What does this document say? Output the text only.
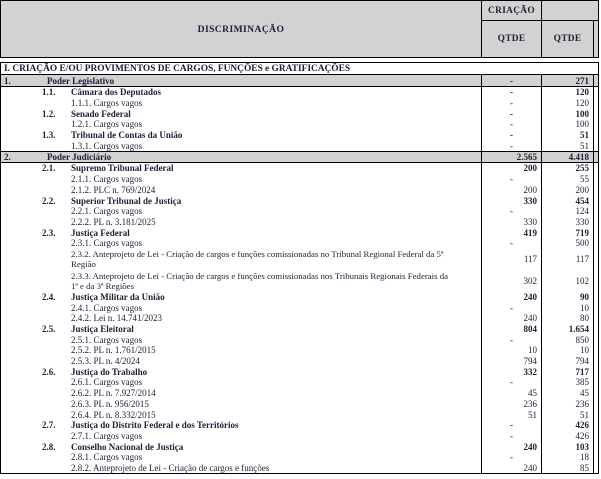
DISCRIMINAÇÃO
CRIAÇÃO
QTDE	QTDE
I. CRIAÇÃO E/OU PROVIMENTOS DE CARGOS, FUNÇÕES e GRATIFICAÇÕES
1.	Poder Legislativo	-	271
1.1.	Câmara dos Deputados	-	120
1.1.1. Cargos vagos	-	120
1.2.	Senado Federal	-	100
1.2.1. Cargos vagos	-	100
1.3.	Tribunal de Contas da União	-	51
1.3.1. Cargos vagos	-	51
2.	Poder Judiciário	2.565	4.418
2.1.	Supremo Tribunal Federal	200	255
2.1.1. Cargos vagos	-	55
2.1.2. PLC n. 769/2024	200	200
2.2.	Superior Tribunal de Justiça	330	454
2.2.1. Cargos vagos	-	124
2.2.2. PL n. 3.181/2025	330	330
2.3.	Justiça Federal	419	719
2.3.1. Cargos vagos	-	500
2.3.2. Anteprojeto de Lei - Criação de cargos e funções comissionadas no Tribunal Regional Federal da 5ª Região	117	117
2.3.3. Anteprojeto de Lei - Criação de cargos e funções comissionadas nos Tribunais Regionais Federais da 1ª e da 3ª Regiões	302	102
2.4.	Justiça Militar da União	240	90
2.4.1. Cargos vagos	-	10
2.4.2. Lei n. 14.741/2023	240	80
2.5.	Justiça Eleitoral	804	1.654
2.5.1. Cargos vagos	-	850
2.5.2. PL n. 1.761/2015	10	10
2.5.3. PL n. 4/2024	794	794
2.6.	Justiça do Trabalho	332	717
2.6.1. Cargos vagos	-	385
2.6.2. PL n. 7.927/2014	45	45
2.6.3. PL n. 956/2015	236	236
2.6.4. PL n. 8.332/2015	51	51
2.7.	Justiça do Distrito Federal e dos Territórios	-	426
2.7.1. Cargos vagos	-	426
2.8.	Conselho Nacional de Justiça	240	103
2.8.1. Cargos vagos	-	18
2.8.2. Anteprojeto de Lei - Criação de cargos e funções	240	85
